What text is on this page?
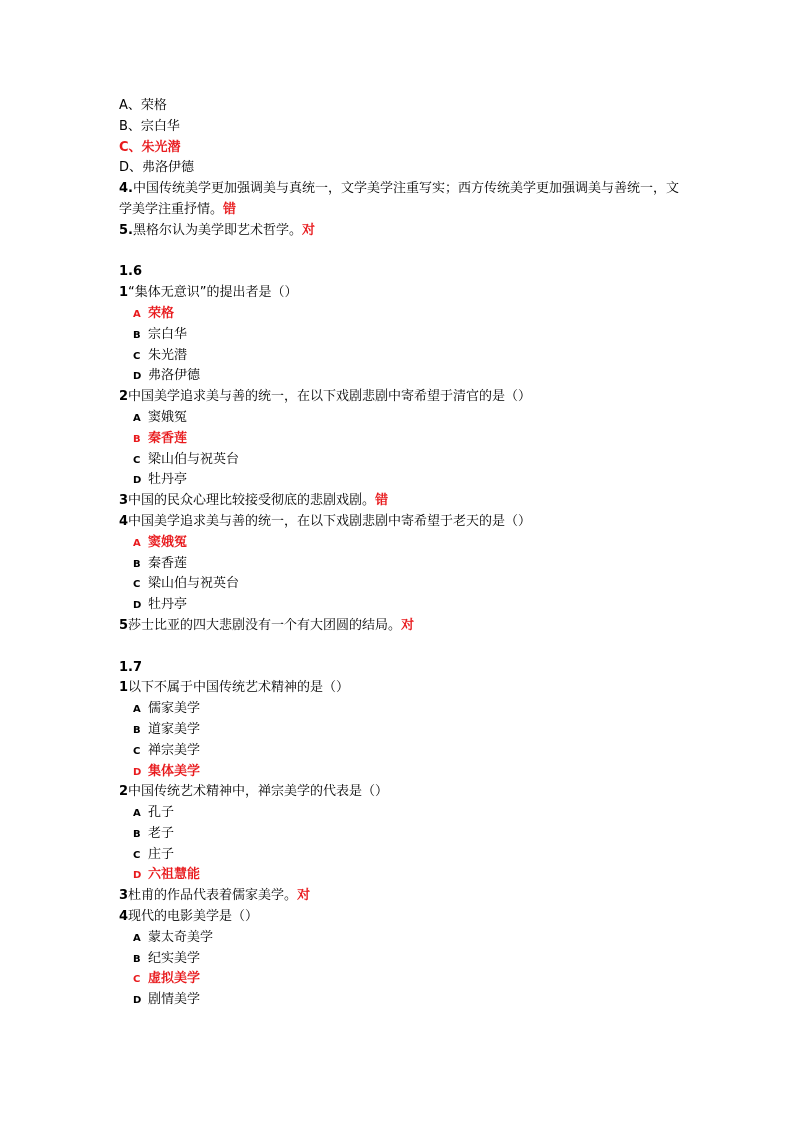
A、荣格
B、宗白华
C、朱光潜
D、弗洛伊德
4.中国传统美学更加强调美与真统一，文学美学注重写实；西方传统美学更加强调美与善统一，文学美学注重抒情。错
5.黑格尔认为美学即艺术哲学。对
1.6
1“集体无意识”的提出者是（）
A 荣格
B 宗白华
C 朱光潜
D 弗洛伊德
2中国美学追求美与善的统一，在以下戏剧悲剧中寄希望于清官的是（）
A 窦娥冤
B 秦香莲
C 梁山伯与祝英台
D 牡丹亭
3中国的民众心理比较接受彻底的悲剧戏剧。错
4中国美学追求美与善的统一，在以下戏剧悲剧中寄希望于老天的是（）
A 窦娥冤
B 秦香莲
C 梁山伯与祝英台
D 牡丹亭
5莎士比亚的四大悲剧没有一个有大团圆的结局。对
1.7
1以下不属于中国传统艺术精神的是（）
A 儒家美学
B 道家美学
C 禅宗美学
D 集体美学
2中国传统艺术精神中，禅宗美学的代表是（）
A 孔子
B 老子
C 庄子
D 六祖慧能
3杜甫的作品代表着儒家美学。对
4现代的电影美学是（）
A 蒙太奇美学
B 纪实美学
C 虚拟美学
D 剧情美学
